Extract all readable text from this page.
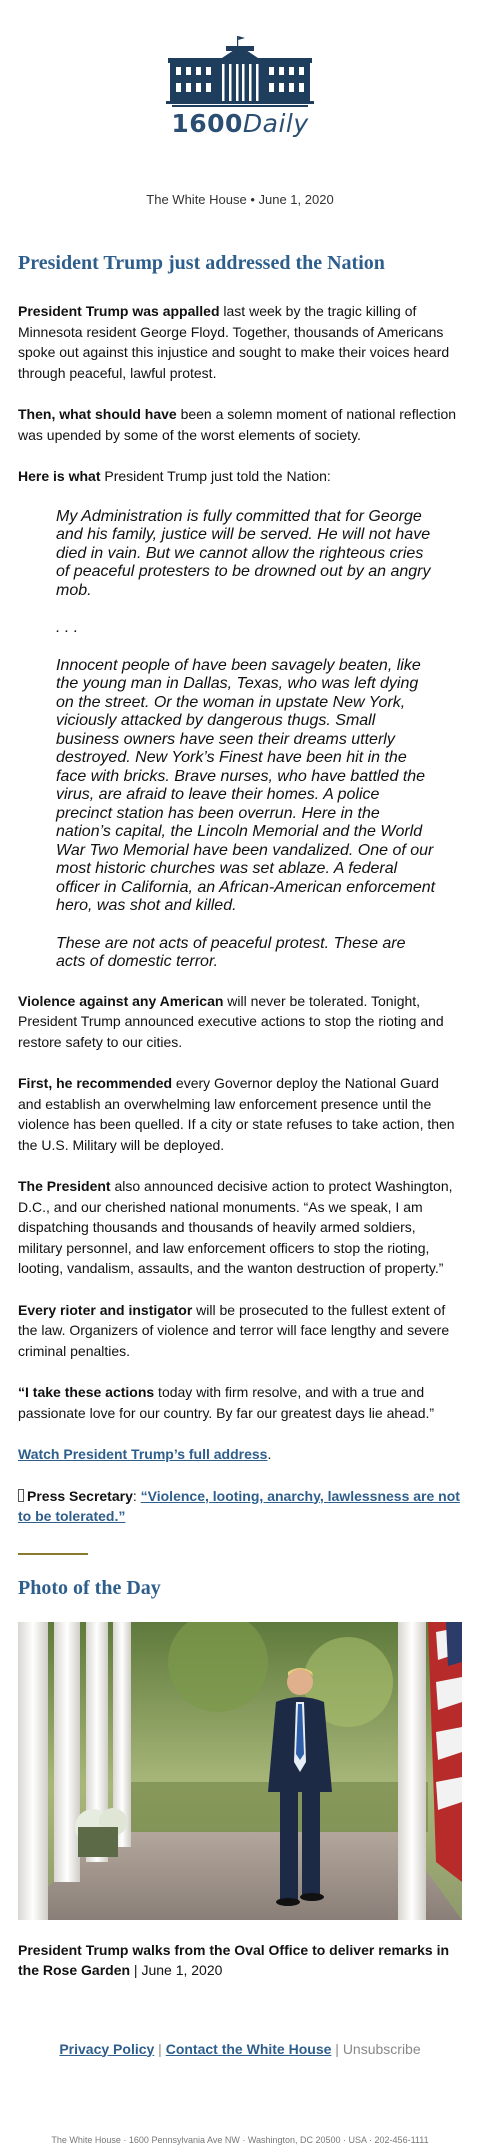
1600Daily
The White House • June 1, 2020
President Trump just addressed the Nation

President Trump was appalled last week by the tragic killing of Minnesota resident George Floyd. Together, thousands of Americans spoke out against this injustice and sought to make their voices heard through peaceful, lawful protest.

Then, what should have been a solemn moment of national reflection was upended by some of the worst elements of society.

Here is what President Trump just told the Nation:

My Administration is fully committed that for George and his family, justice will be served. He will not have died in vain. But we cannot allow the righteous cries of peaceful protesters to be drowned out by an angry mob.

. . .

Innocent people of have been savagely beaten, like the young man in Dallas, Texas, who was left dying on the street. Or the woman in upstate New York, viciously attacked by dangerous thugs. Small business owners have seen their dreams utterly destroyed. New York’s Finest have been hit in the face with bricks. Brave nurses, who have battled the virus, are afraid to leave their homes. A police precinct station has been overrun. Here in the nation’s capital, the Lincoln Memorial and the World War Two Memorial have been vandalized. One of our most historic churches was set ablaze. A federal officer in California, an African-American enforcement hero, was shot and killed.

These are not acts of peaceful protest. These are acts of domestic terror.

Violence against any American will never be tolerated. Tonight, President Trump announced executive actions to stop the rioting and restore safety to our cities.

First, he recommended every Governor deploy the National Guard and establish an overwhelming law enforcement presence until the violence has been quelled. If a city or state refuses to take action, then the U.S. Military will be deployed.

The President also announced decisive action to protect Washington, D.C., and our cherished national monuments. “As we speak, I am dispatching thousands and thousands of heavily armed soldiers, military personnel, and law enforcement officers to stop the rioting, looting, vandalism, assaults, and the wanton destruction of property.”

Every rioter and instigator will be prosecuted to the fullest extent of the law. Organizers of violence and terror will face lengthy and severe criminal penalties.

“I take these actions today with firm resolve, and with a true and passionate love for our country. By far our greatest days lie ahead.”

Watch President Trump’s full address.

Press Secretary: “Violence, looting, anarchy, lawlessness are not to be tolerated.”

Photo of the Day
President Trump walks from the Oval Office to deliver remarks in the Rose Garden | June 1, 2020
Privacy Policy | Contact the White House | Unsubscribe
The White House · 1600 Pennsylvania Ave NW · Washington, DC 20500 · USA · 202-456-1111
